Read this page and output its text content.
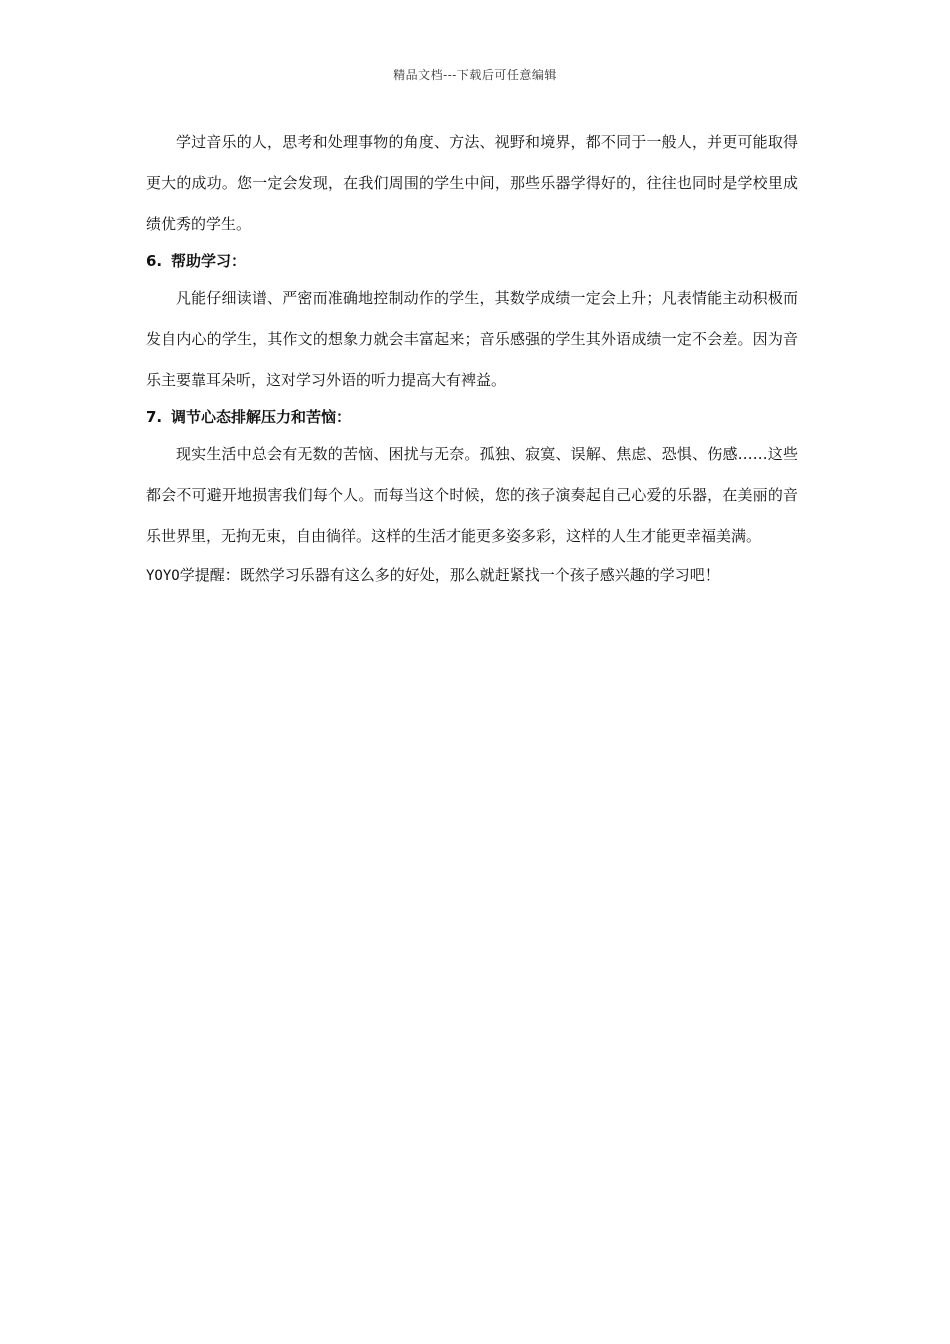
精品文档---下载后可任意编辑

学过音乐的人，思考和处理事物的角度、方法、视野和境界，都不同于一般人，并更可能取得更大的成功。您一定会发现，在我们周围的学生中间，那些乐器学得好的，往往也同时是学校里成绩优秀的学生。

6. 帮助学习：

凡能仔细读谱、严密而准确地控制动作的学生，其数学成绩一定会上升；凡表情能主动积极而发自内心的学生，其作文的想象力就会丰富起来；音乐感强的学生其外语成绩一定不会差。因为音乐主要靠耳朵听，这对学习外语的听力提高大有裨益。

7. 调节心态排解压力和苦恼：

现实生活中总会有无数的苦恼、困扰与无奈。孤独、寂寞、误解、焦虑、恐惧、伤感……这些都会不可避开地损害我们每个人。而每当这个时候，您的孩子演奏起自己心爱的乐器，在美丽的音乐世界里，无拘无束，自由徜徉。这样的生活才能更多姿多彩，这样的人生才能更幸福美满。

YOYO学提醒：既然学习乐器有这么多的好处，那么就赶紧找一个孩子感兴趣的学习吧！
